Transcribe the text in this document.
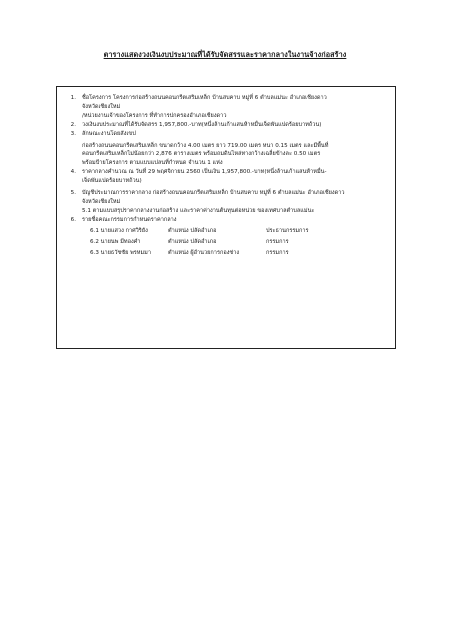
ตารางแสดงวงเงินงบประมาณที่ได้รับจัดสรรและราคากลางในงานจ้างก่อสร้าง
1.	ชื่อโครงการ โครงการก่อสร้างถนนคอนกรีตเสริมเหล็ก บ้านสบคาบ หมู่ที่ 6 ตำบลแม่นะ อำเภอเชียงดาว
จังหวัดเชียงใหม่
/หน่วยงานเจ้าของโครงการ ที่ทำการปกครองอำเภอเชียงดาว
2.	วงเงินงบประมาณที่ได้รับจัดสรร 1,957,800.-บาท(หนึ่งล้านเก้าแสนห้าหมื่นเจ็ดพันแปดร้อยบาทถ้วน)
3.	ลักษณะงานโดยสังเขป
ก่อสร้างถนนคอนกรีตเสริมเหล็ก ขนาดกว้าง 4.00 เมตร ยาว 719.00 เมตร หนา 0.15 เมตร และมีพื้นที่
คอนกรีตเสริมเหล็กไม่น้อยกว่า 2,876 ตารางเมตร พร้อมถมดินไหล่ทางกว้างเฉลี่ยข้างละ 0.50 เมตร
พร้อมป้ายโครงการ ตามแบบแปลนที่กำหนด จำนวน 1 แห่ง
4.	ราคากลางคำนวณ ณ วันที่ 29 พฤศจิกายน 2560 เป็นเงิน 1,957,800.-บาท(หนึ่งล้านเก้าแสนห้าหมื่น-
เจ็ดพันแปดร้อยบาทถ้วน)
5.	บัญชีประมาณการราคากลาง ก่อสร้างถนนคอนกรีตเสริมเหล็ก บ้านสบคาบ หมู่ที่ 6 ตำบลแม่นะ อำเภอเชียงดาว
จังหวัดเชียงใหม่
5.1 ตามแบบสรุปราคากลางงานก่อสร้าง และราคาค่างานต้นทุนต่อหน่วย ของเทศบาลตำบลแม่นะ
6.	รายชื่อคณะกรรมการกำหนดราคากลาง
6.1 นายแสวง กาศวิริยัง	ตำแหน่ง ปลัดอำเภอ	ประธานกรรมการ
6.2 นายนพ มีทองคำ	ตำแหน่ง ปลัดอำเภอ	กรรมการ
6.3 นายธวัชชัย พรหมมา	ตำแหน่ง ผู้อำนวยการกองช่าง	กรรมการ
